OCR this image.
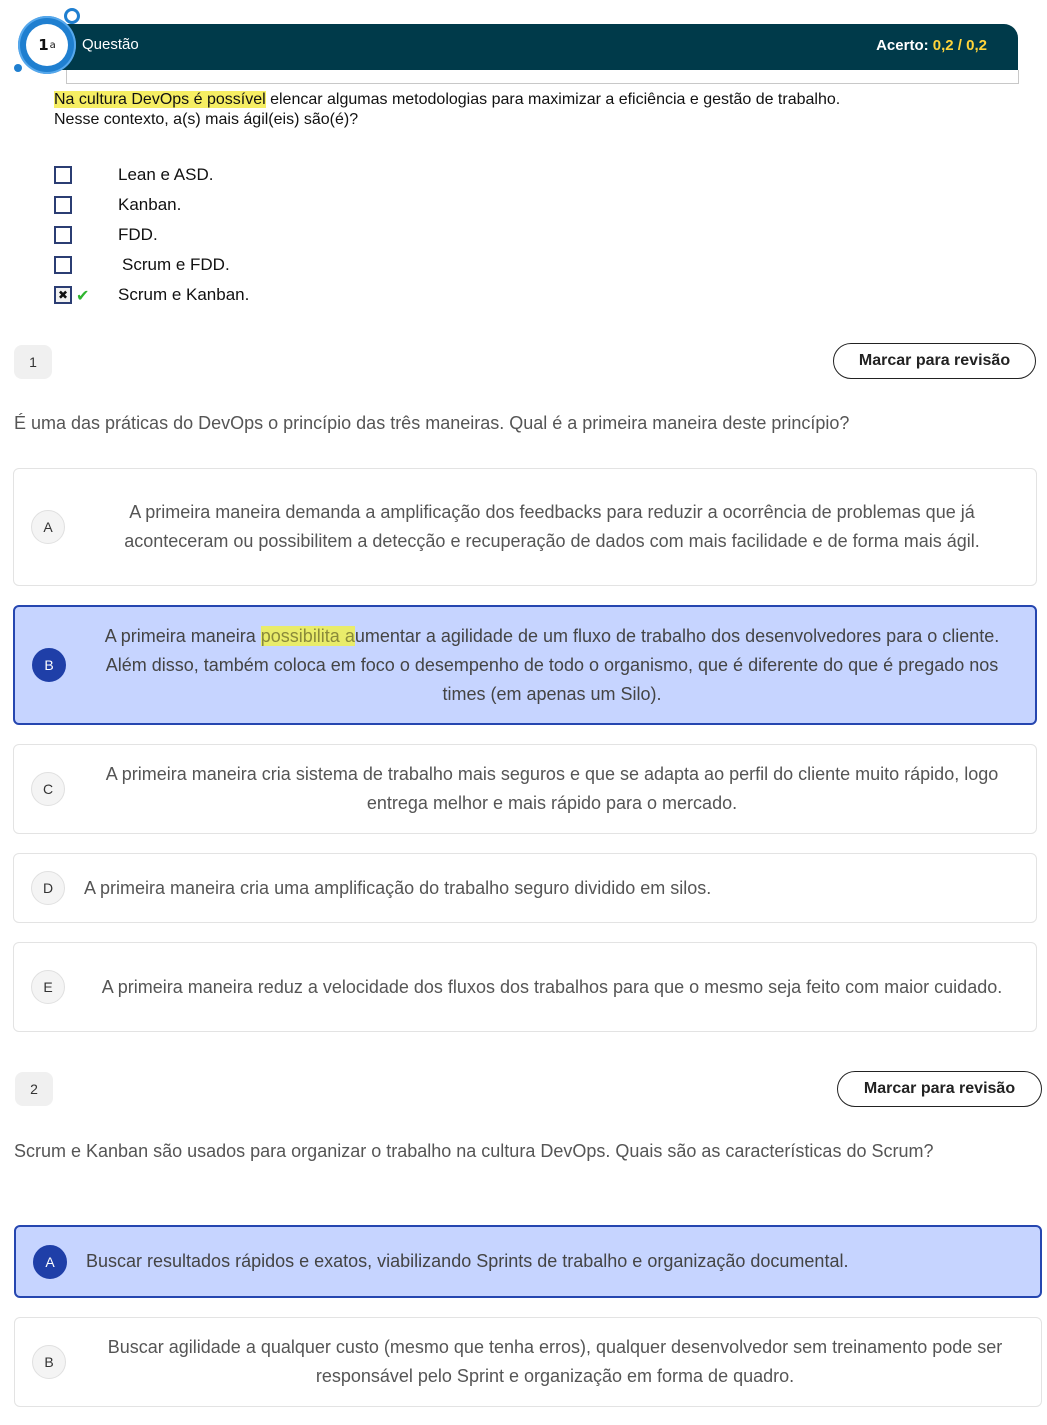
1 a Questão	Acerto: 0,2 / 0,2
Na cultura DevOps é possível elencar algumas metodologias para maximizar a eficiência e gestão de trabalho.
Nesse contexto, a(s) mais ágil(eis) são(é)?
Lean e ASD.
Kanban.
FDD.
Scrum e FDD.
✖ ✔ Scrum e Kanban.
1	Marcar para revisão
É uma das práticas do DevOps o princípio das três maneiras. Qual é a primeira maneira deste princípio?
A
A primeira maneira demanda a amplificação dos feedbacks para reduzir a ocorrência de problemas que já aconteceram ou possibilitem a detecção e recuperação de dados com mais facilidade e de forma mais ágil.
B
A primeira maneira possibilita aumentar a agilidade de um fluxo de trabalho dos desenvolvedores para o cliente. Além disso, também coloca em foco o desempenho de todo o organismo, que é diferente do que é pregado nos times (em apenas um Silo).
C
A primeira maneira cria sistema de trabalho mais seguros e que se adapta ao perfil do cliente muito rápido, logo entrega melhor e mais rápido para o mercado.
D	A primeira maneira cria uma amplificação do trabalho seguro dividido em silos.
E	A primeira maneira reduz a velocidade dos fluxos dos trabalhos para que o mesmo seja feito com maior cuidado.
2	Marcar para revisão
Scrum e Kanban são usados para organizar o trabalho na cultura DevOps. Quais são as características do Scrum?
A	Buscar resultados rápidos e exatos, viabilizando Sprints de trabalho e organização documental.
B
Buscar agilidade a qualquer custo (mesmo que tenha erros), qualquer desenvolvedor sem treinamento pode ser responsável pelo Sprint e organização em forma de quadro.
